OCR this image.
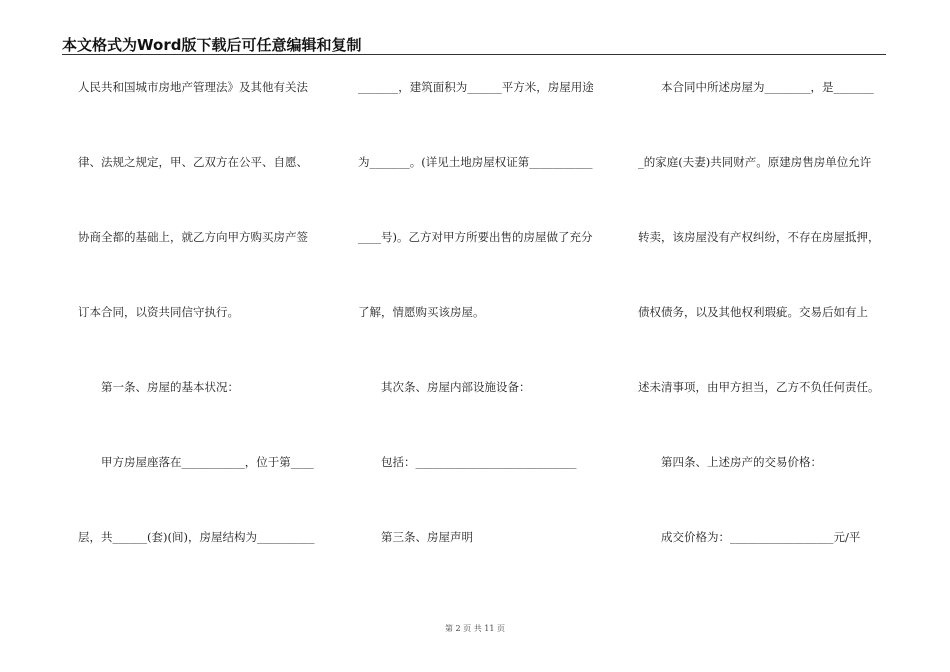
本文格式为Word版下载后可任意编辑和复制
人民共和国城市房地产管理法》及其他有关法
律、法规之规定，甲、乙双方在公平、自愿、
协商全都的基础上，就乙方向甲方购买房产签
订本合同，以资共同信守执行。
　　第一条、房屋的基本状况：
　　甲方房屋座落在___________，位于第____
层，共______(套)(间)，房屋结构为__________
_______，建筑面积为______平方米，房屋用途
为_______。(详见土地房屋权证第___________
____号)。乙方对甲方所要出售的房屋做了充分
了解，情愿购买该房屋。
　　其次条、房屋内部设施设备：
　　包括：____________________________
　　第三条、房屋声明
　　本合同中所述房屋为________，是_______
_的家庭(夫妻)共同财产。原建房售房单位允许
转卖，该房屋没有产权纠纷，不存在房屋抵押，
债权债务，以及其他权利瑕疵。交易后如有上
述未清事项，由甲方担当，乙方不负任何责任。
　　第四条、上述房产的交易价格：
　　成交价格为：__________________元/平
第 2 页 共 11 页
